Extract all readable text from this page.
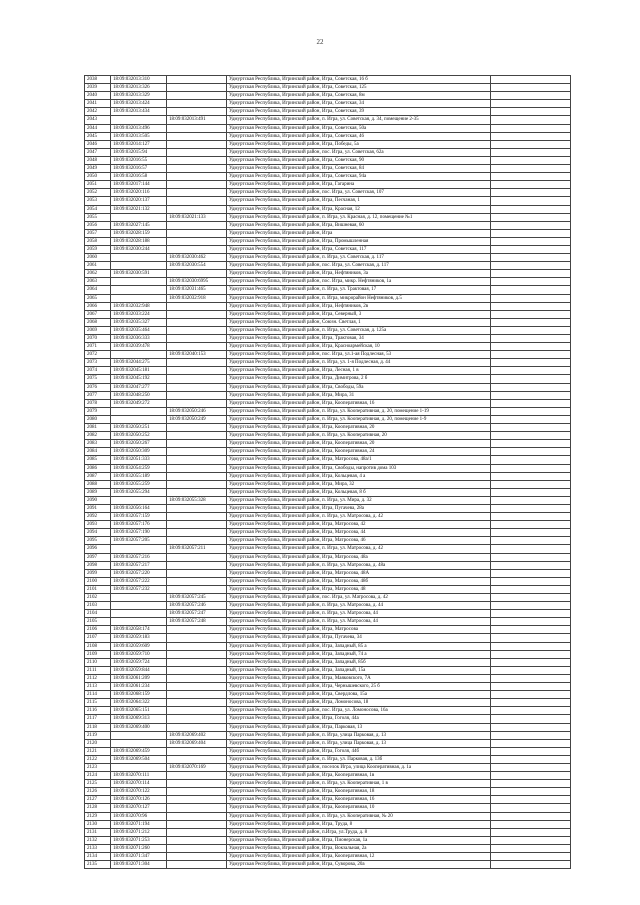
22
2038	18:09:032013:310		Удмуртская Республика, Игринский район, Игра, Советская, 16 б	
2039	18:09:032013:326		Удмуртская Республика, Игринский район, Игра, Советская, 125	
2040	18:09:032013:329		Удмуртская Республика, Игринский район, Игра, Советская, 8м	
2041	18:09:032013:424		Удмуртская Республика, Игринский район, Игра, Советская, 34	
2042	18:09:032013:434		Удмуртская Республика, Игринский район, Игра, Советская, 39	
2043		18:09:032013:491	Удмуртская Республика, Игринский район, п. Игра, ул. Советская, д. 34, помещение 2-35	
2044	18:09:032013:496		Удмуртская Республика, Игринский район, Игра, Советская, 50а	
2045	18:09:032013:505		Удмуртская Республика, Игринский район, Игра, Советская, 46	
2046	18:09:032014:127		Удмуртская Республика, Игринский район, Игра, Победы, 5а	
2047	18:09:032015:94		Удмуртская Республика, Игринский район, пос. Игра, ул. Советская, 62а	
2048	18:09:032016:55		Удмуртская Республика, Игринский район, Игра, Советская, 90	
2049	18:09:032016:57		Удмуртская Республика, Игринский район, Игра, Советская, 84	
2050	18:09:032016:58		Удмуртская Республика, Игринский район, Игра, Советская, 94а	
2051	18:09:032017:144		Удмуртская Республика, Игринский район, Игра, Гагарина	
2052	18:09:032020:116		Удмуртская Республика, Игринский район, пос. Игра, ул. Советская, 107	
2053	18:09:032020:137		Удмуртская Республика, Игринский район, Игра, Песчаная, 1	
2054	18:09:032021:132		Удмуртская Республика, Игринский район, Игра, Красная, 12	
2055		18:09:032021:133	Удмуртская Республика, Игринский район, п. Игра, ул. Красная, д. 12, помещение №1	
2056	18:09:032027:145		Удмуртская Республика, Игринский район, Игра, Вишневая, 60	
2057	18:09:032028:159		Удмуртская Республика, Игринский район, Игра	
2058	18:09:032028:188		Удмуртская Республика, Игринский район, Игра, Промышленная	
2059	18:09:032030:244		Удмуртская Республика, Игринский район, Игра, Советская, 117	
2060		18:09:032030:462	Удмуртская Республика, Игринский район, п. Игра, ул. Советская, д. 117	
2061		18:09:032030:554	Удмуртская Республика, Игринский район, пос. Игра, ул. Советская, д. 117	
2062	18:09:032030:591		Удмуртская Республика, Игринский район, Игра, Нефтяников, 3а	
2063		18:09:032030:6995	Удмуртская Республика, Игринский район, пос. Игра, микр. Нефтяников, 1а	
2064		18:09:032031:465	Удмуртская Республика, Игринский район, п. Игра, ул. Трактовая, 17	
2065		18:09:032032:918	Удмуртская Республика, Игринский район, п. Игра, микрорайон Нефтяников, д.5	
2066	18:09:032032:948		Удмуртская Республика, Игринский район, Игра, Нефтяников, 2в	
2067	18:09:032033:224		Удмуртская Республика, Игринский район, Игра, Северный, 3	
2068	18:09:032035:327		Удмуртская Республика, Игринский район, Союзн. Светлая, 1	
2069	18:09:032035:464		Удмуртская Республика, Игринский район, п. Игра, ул. Советская, д. 125а	
2070	18:09:032036:333		Удмуртская Республика, Игринский район, Игра, Трактовая, 34	
2071	18:09:032039:478		Удмуртская Республика, Игринский район, Игра, Красноармейская, 10	
2072		18:09:032040:153	Удмуртская Республика, Игринский район, пос. Игра, ул.1-ая Подлесная, 53	
2073	18:09:032044:275		Удмуртская Республика, Игринский район, п. Игра, ул. 1-я Подлесная, д. 44	
2074	18:09:032045:181		Удмуртская Республика, Игринский район, Игра, Лесная, 1 в	
2075	18:09:032045:192		Удмуртская Республика, Игринский район, Игра, Димитрова, 2 б	
2076	18:09:032047:277		Удмуртская Республика, Игринский район, Игра, Свободы, 59а	
2077	18:09:032048:250		Удмуртская Республика, Игринский район, Игра, Мира, 31	
2078	18:09:032049:272		Удмуртская Республика, Игринский район, Игра, Кооперативная, 16	
2079		18:09:032050:246	Удмуртская Республика, Игринский район, п. Игра, ул. Кооперативная, д. 20, помещение 1-19	
2080		18:09:032050:249	Удмуртская Республика, Игринский район, п. Игра, ул. Кооперативная, д. 20, помещение 1-9	
2081	18:09:032050:251		Удмуртская Республика, Игринский район, Игра, Кооперативная, 20	
2082	18:09:032050:252		Удмуртская Республика, Игринский район, п. Игра, ул. Кооперативная, 20	
2083	18:09:032050:267		Удмуртская Республика, Игринский район, Игра, Кооперативная, 20	
2084	18:09:032050:309		Удмуртская Республика, Игринский район, Игра, Кооперативная, 24	
2085	18:09:032051:333		Удмуртская Республика, Игринский район, Игра, Матросова, 48а/1	
2086	18:09:032054:259		Удмуртская Республика, Игринский район, Игра, Свободы, напротив дома 103	
2087	18:09:032055:189		Удмуртская Республика, Игринский район, Игра, Кольцевая, 4 а	
2088	18:09:032055:259		Удмуртская Республика, Игринский район, Игра, Мира, 32	
2089	18:09:032055:294		Удмуртская Республика, Игринский район, Игра, Кольцевая, 8 б	
2090		18:09:032055:328	Удмуртская Республика, Игринский район, п. Игра, ул. Мира, д. 32	
2091	18:09:032056:164		Удмуртская Республика, Игринский район, Игра, Пугачева, 28а	
2092	18:09:032057:159		Удмуртская Республика, Игринский район, п. Игра, ул. Матросова, д. 42	
2093	18:09:032057:176		Удмуртская Республика, Игринский район, Игра, Матросова, 42	
2094	18:09:032057:190		Удмуртская Республика, Игринский район, Игра, Матросова, 44	
2095	18:09:032057:205		Удмуртская Республика, Игринский район, Игра, Матросова, 46	
2096		18:09:032057:211	Удмуртская Республика, Игринский район, п. Игра, ул. Матросова, д. 42	
2097	18:09:032057:216		Удмуртская Республика, Игринский район, Игра, Матросова, 48а	
2098	18:09:032057:217		Удмуртская Республика, Игринский район, п. Игра, ул. Матросова, д. 48а	
2099	18:09:032057:220		Удмуртская Республика, Игринский район, Игра, Матросова, 48А	
2100	18:09:032057:222		Удмуртская Республика, Игринский район, Игра, Матросова, 48б	
2101	18:09:032057:232		Удмуртская Республика, Игринский район, Игра, Матросова, 48	
2102		18:09:032057:245	Удмуртская Республика, Игринский район, пос. Игра, ул. Матросова, д. 42	
2103		18:09:032057:246	Удмуртская Республика, Игринский район, п. Игра, ул. Матросова, д. 44	
2104		18:09:032057:247	Удмуртская Республика, Игринский район, п. Игра, ул. Матросова, 44	
2105		18:09:032057:248	Удмуртская Республика, Игринский район, п. Игра, ул. Матросова, 44	
2106	18:09:032058:174		Удмуртская Республика, Игринский район, Игра, Матросова	
2107	18:09:032059:183		Удмуртская Республика, Игринский район, Игра, Пугачева, 34	
2108	18:09:032059:609		Удмуртская Республика, Игринский район, Игра, Западный, 85 а	
2109	18:09:032059:710		Удмуртская Республика, Игринский район, Игра, Западный, 74 а	
2110	18:09:032059:724		Удмуртская Республика, Игринский район, Игра, Западный, 85б	
2111	18:09:032059:844		Удмуртская Республика, Игринский район, Игра, Западный, 15а	
2112	18:09:032061:209		Удмуртская Республика, Игринский район, Игра, Маяковского, 7А	
2113	18:09:032061:234		Удмуртская Республика, Игринский район, Игра, Чернышевского, 25 б	
2114	18:09:032068:159		Удмуртская Республика, Игринский район, Игра, Свердлова, 15а	
2115	18:09:032064:322		Удмуртская Республика, Игринский район, Игра, Ломоносова, 18	
2116	18:09:032065:151		Удмуртская Республика, Игринский район, пос. Игра, ул. Ломоносова, 16а	
2117	18:09:032069:313		Удмуртская Республика, Игринский район, Игра, Гоголя, 44а	
2118	18:09:032069:400		Удмуртская Республика, Игринский район, Игра, Парковая, 13	
2119		18:09:032069:402	Удмуртская Республика, Игринский район, п. Игра, улица Парковая, д. 13	
2120		18:09:032069:404	Удмуртская Республика, Игринский район, п. Игра, улица Парковая, д. 13	
2121	18:09:032069:459		Удмуртская Республика, Игринский район, Игра, Гоголя, 44б	
2122	18:09:032069:504		Удмуртская Республика, Игринский район, п. Игра, ул. Парковая, д. 13б	
2123		18:09:032070:169	Удмуртская Республика, Игринский район, поселок Игра, улица Кооперативная, д. 1а	
2124	18:09:032070:111		Удмуртская Республика, Игринский район, Игра, Кооперативная, 1в	
2125	18:09:032070:114		Удмуртская Республика, Игринский район, п. Игра, ул. Кооперативная, 1 в	
2126	18:09:032070:122		Удмуртская Республика, Игринский район, Игра, Кооперативная, 18	
2127	18:09:032070:126		Удмуртская Республика, Игринский район, Игра, Кооперативная, 16	
2128	18:09:032070:127		Удмуртская Республика, Игринский район, Игра, Кооперативная, 10	
2129	18:09:032070:96		Удмуртская Республика, Игринский район, п. Игра, ул. Кооперативная, № 20	
2130	18:09:032071:194		Удмуртская Республика, Игринский район, Игра, Труда, 8	
2131	18:09:032071:212		Удмуртская Республика, Игринский район, п.Игра, ул.Труда, д. 8	
2132	18:09:032071:253		Удмуртская Республика, Игринский район, Игра, Пионерская, 1а	
2133	18:09:032071:260		Удмуртская Республика, Игринский район, Игра, Вокзальная, 2а	
2134	18:09:032071:347		Удмуртская Республика, Игринский район, Игра, Кооперативная, 12	
2135	18:09:032071:304		Удмуртская Республика, Игринский район, Игра, Суворова, 20а	
